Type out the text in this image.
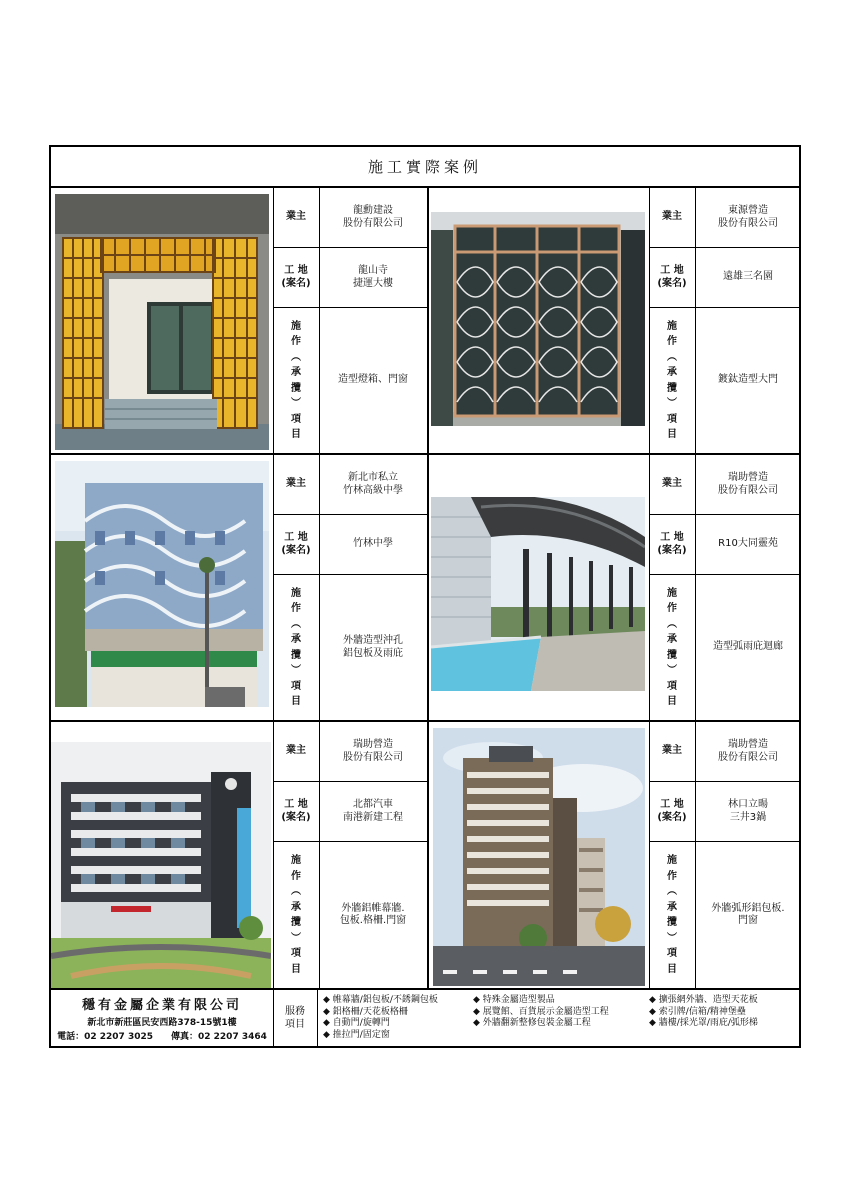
施工實際案例
業主
龍勳建設
股份有限公司
工 地
(案名)
龍山寺
捷運大樓
施
作
︵
承
攬
︶
項
目
造型燈箱、門窗
業主
東源營造
股份有限公司
工 地
(案名)
遠雄三名園
施
作
︵
承
攬
︶
項
目
鍍鈦造型大門
業主
新北市私立
竹林高級中學
工 地
(案名)
竹林中學
施
作
︵
承
攬
︶
項
目
外牆造型沖孔
鋁包板及雨庇
業主
瑞助營造
股份有限公司
工 地
(案名)
R10大同靈苑
施
作
︵
承
攬
︶
項
目
造型弧雨庇迴廊
業主
瑞助營造
股份有限公司
工 地
(案名)
北都汽車
南港新建工程
施
作
︵
承
攬
︶
項
目
外牆鋁帷幕牆.
包板.格柵.門窗
業主
瑞助營造
股份有限公司
工 地
(案名)
林口立暘
三井3鍋
施
作
︵
承
攬
︶
項
目
外牆弧形鋁包板.
門窗
穩有金屬企業有限公司
新北市新莊區民安西路378-15號1樓
電話：02 2207 3025　　傳真：02 2207 3464
服務
項目
◆ 帷幕牆/鋁包板/不銹鋼包板
◆ 鋁格柵/天花板格柵
◆ 自動門/旋轉門
◆ 推拉門/固定窗
◆ 特殊金屬造型製品
◆ 展覽館、百貨展示金屬造型工程
◆ 外牆翻新整修包裝金屬工程
◆ 擴張網外牆、造型天花板
◆ 索引牌/信箱/精神堡壘
◆ 牆樓/採光罩/雨庇/弧形梯
